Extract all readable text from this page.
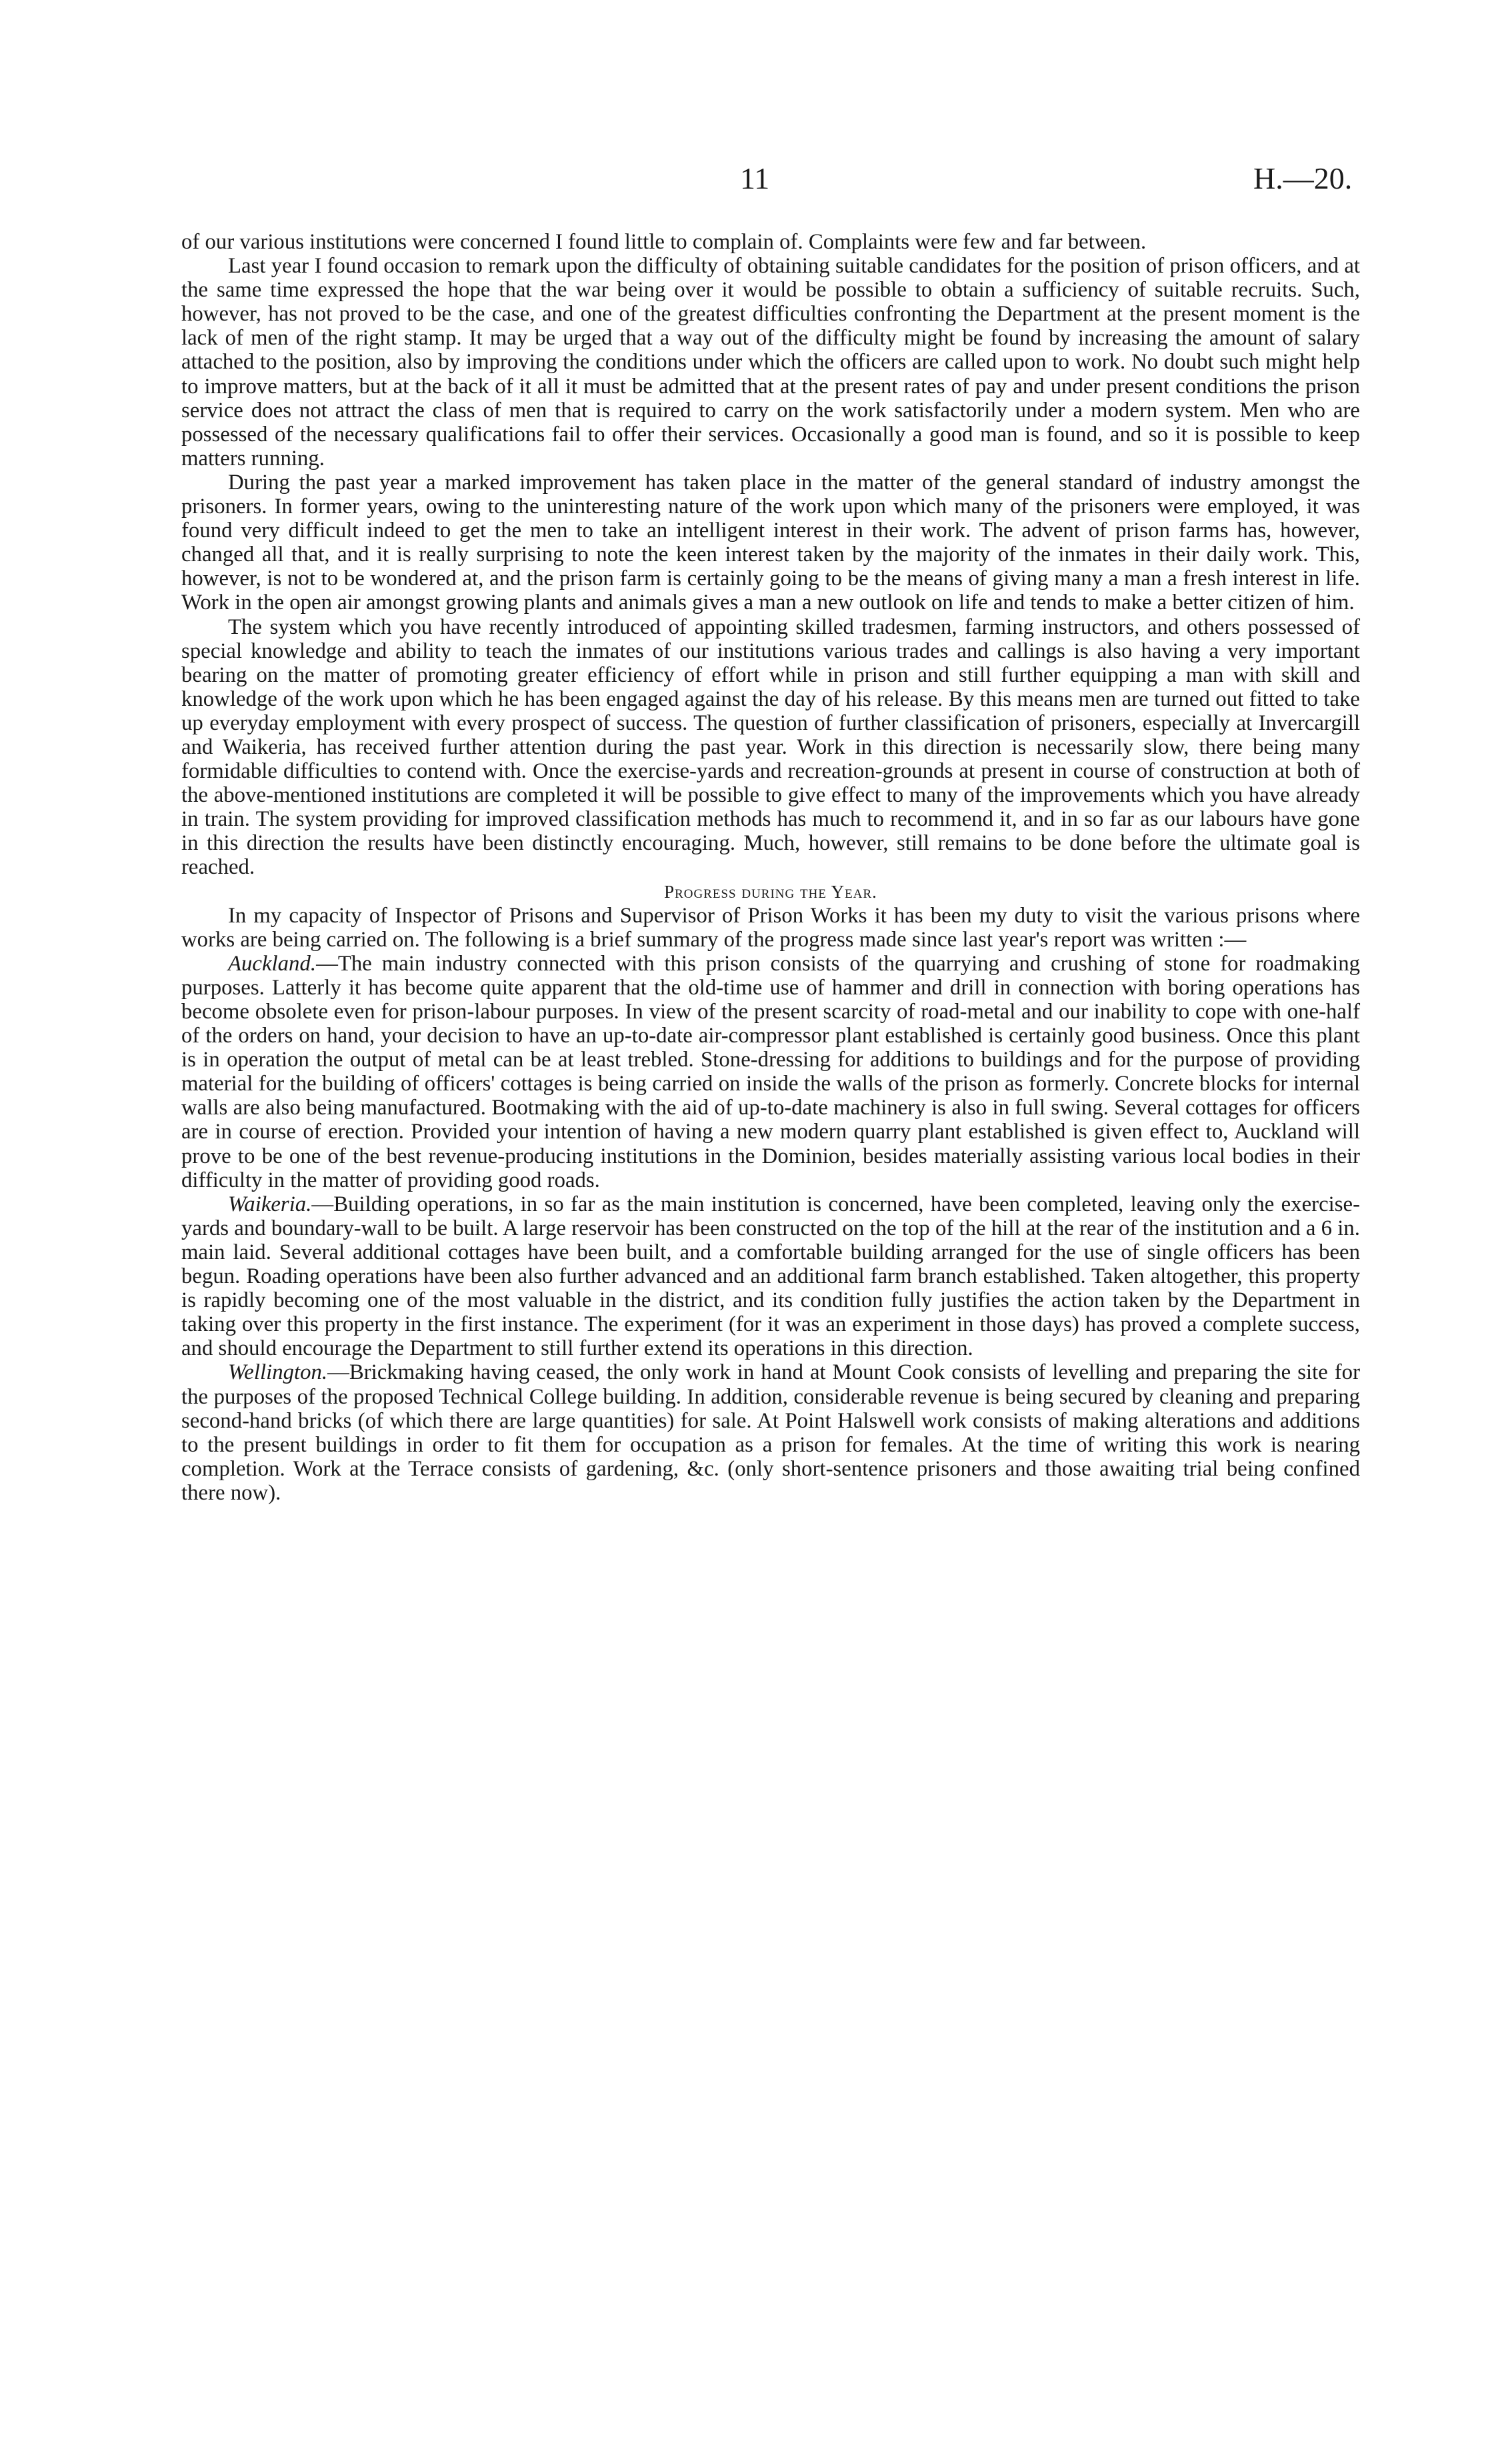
11	H.—20.

of our various institutions were concerned I found little to complain of. Complaints were few and far between.

Last year I found occasion to remark upon the difficulty of obtaining suitable candidates for the position of prison officers, and at the same time expressed the hope that the war being over it would be possible to obtain a sufficiency of suitable recruits. Such, however, has not proved to be the case, and one of the greatest difficulties confronting the Department at the present moment is the lack of men of the right stamp. It may be urged that a way out of the difficulty might be found by increasing the amount of salary attached to the position, also by improving the conditions under which the officers are called upon to work. No doubt such might help to improve matters, but at the back of it all it must be admitted that at the present rates of pay and under present conditions the prison service does not attract the class of men that is required to carry on the work satisfactorily under a modern system. Men who are possessed of the necessary qualifications fail to offer their services. Occasionally a good man is found, and so it is possible to keep matters running.

During the past year a marked improvement has taken place in the matter of the general standard of industry amongst the prisoners. In former years, owing to the uninteresting nature of the work upon which many of the prisoners were employed, it was found very difficult indeed to get the men to take an intelligent interest in their work. The advent of prison farms has, however, changed all that, and it is really surprising to note the keen interest taken by the majority of the inmates in their daily work. This, however, is not to be wondered at, and the prison farm is certainly going to be the means of giving many a man a fresh interest in life. Work in the open air amongst growing plants and animals gives a man a new outlook on life and tends to make a better citizen of him.

The system which you have recently introduced of appointing skilled tradesmen, farming instructors, and others possessed of special knowledge and ability to teach the inmates of our institutions various trades and callings is also having a very important bearing on the matter of promoting greater efficiency of effort while in prison and still further equipping a man with skill and knowledge of the work upon which he has been engaged against the day of his release. By this means men are turned out fitted to take up everyday employment with every prospect of success. The question of further classification of prisoners, especially at Invercargill and Waikeria, has received further attention during the past year. Work in this direction is necessarily slow, there being many formidable difficulties to contend with. Once the exercise-yards and recreation-grounds at present in course of construction at both of the above-mentioned institutions are completed it will be possible to give effect to many of the improvements which you have already in train. The system providing for improved classification methods has much to recommend it, and in so far as our labours have gone in this direction the results have been distinctly encouraging. Much, however, still remains to be done before the ultimate goal is reached.

Progress during the Year.

In my capacity of Inspector of Prisons and Supervisor of Prison Works it has been my duty to visit the various prisons where works are being carried on. The following is a brief summary of the progress made since last year's report was written :—

Auckland.—The main industry connected with this prison consists of the quarrying and crushing of stone for roadmaking purposes. Latterly it has become quite apparent that the old-time use of hammer and drill in connection with boring operations has become obsolete even for prison-labour purposes. In view of the present scarcity of road-metal and our inability to cope with one-half of the orders on hand, your decision to have an up-to-date air-compressor plant established is certainly good business. Once this plant is in operation the output of metal can be at least trebled. Stone-dressing for additions to buildings and for the purpose of providing material for the building of officers' cottages is being carried on inside the walls of the prison as formerly. Concrete blocks for internal walls are also being manufactured. Bootmaking with the aid of up-to-date machinery is also in full swing. Several cottages for officers are in course of erection. Provided your intention of having a new modern quarry plant established is given effect to, Auckland will prove to be one of the best revenue-producing institutions in the Dominion, besides materially assisting various local bodies in their difficulty in the matter of providing good roads.

Waikeria.—Building operations, in so far as the main institution is concerned, have been completed, leaving only the exercise-yards and boundary-wall to be built. A large reservoir has been constructed on the top of the hill at the rear of the institution and a 6 in. main laid. Several additional cottages have been built, and a comfortable building arranged for the use of single officers has been begun. Roading operations have been also further advanced and an additional farm branch established. Taken altogether, this property is rapidly becoming one of the most valuable in the district, and its condition fully justifies the action taken by the Department in taking over this property in the first instance. The experiment (for it was an experiment in those days) has proved a complete success, and should encourage the Department to still further extend its operations in this direction.

Wellington.—Brickmaking having ceased, the only work in hand at Mount Cook consists of levelling and preparing the site for the purposes of the proposed Technical College building. In addition, considerable revenue is being secured by cleaning and preparing second-hand bricks (of which there are large quantities) for sale. At Point Halswell work consists of making alterations and additions to the present buildings in order to fit them for occupation as a prison for females. At the time of writing this work is nearing completion. Work at the Terrace consists of gardening, &c. (only short-sentence prisoners and those awaiting trial being confined there now).
